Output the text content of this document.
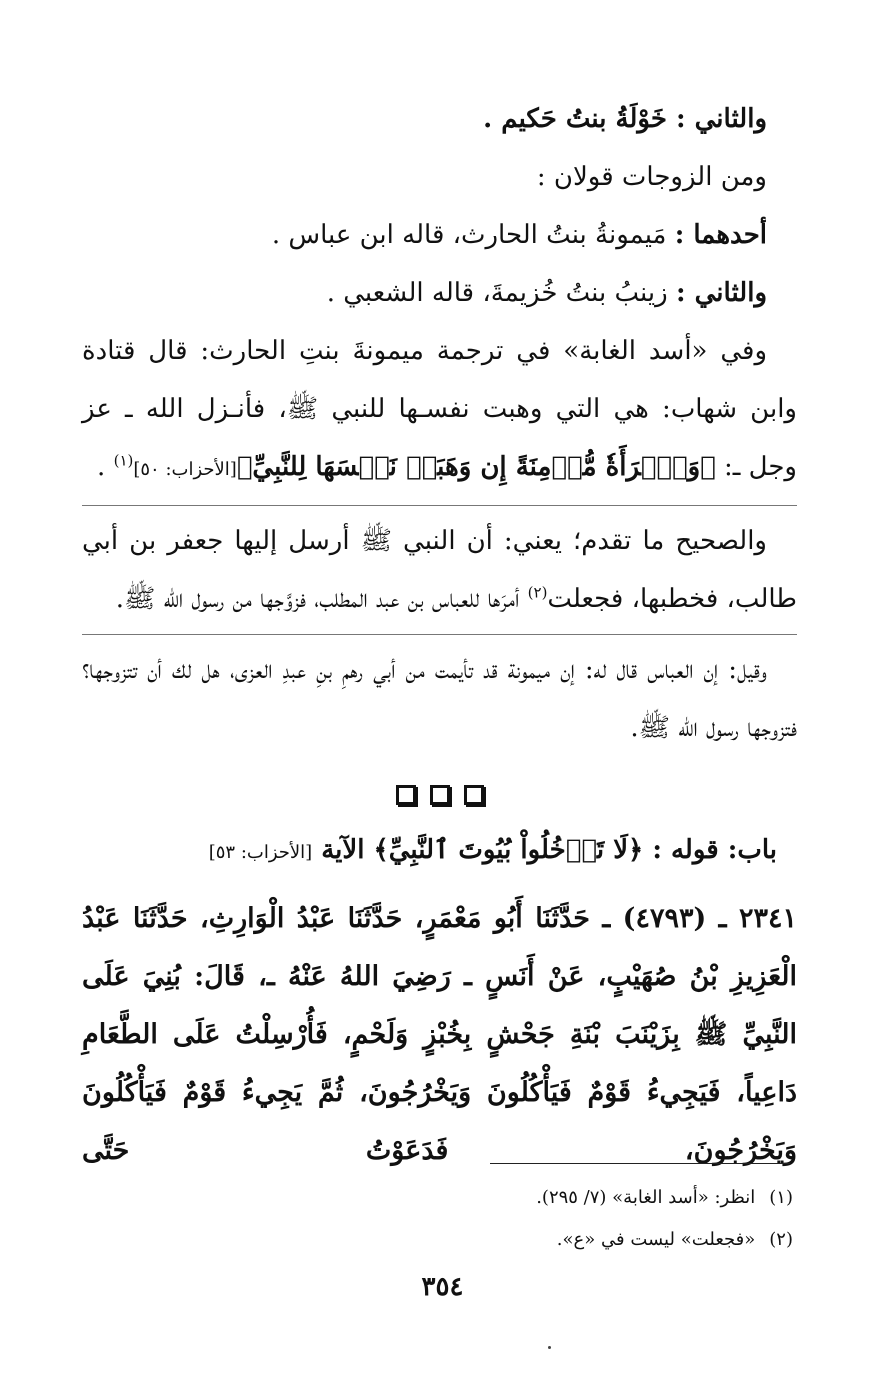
والثاني : خَوْلَةُ بنتُ حَكيم .

ومن الزوجات قولان :

أحدهما : مَيمونةُ بنتُ الحارث، قاله ابن عباس .

والثاني : زينبُ بنتُ خُزيمةَ، قاله الشعبي .

وفي «أسد الغابة» في ترجمة ميمونةَ بنتِ الحارث: قال قتادة وابن شهاب: هي التي وهبت نفسـها للنبي ﷺ، فأنـزل الله ـ عز وجل ـ: ﴿وَٱمۡرَأَةٗ مُّؤۡمِنَةً إِن وَهَبَتۡ نَفۡسَهَا لِلنَّبِيِّ﴾[الأحزاب: ٥٠]$^{(١)}$ .

والصحيح ما تقدم؛ يعني: أن النبي ﷺ أرسل إليها جعفر بن أبي طالب، فخطبها، فجعلت$^{(٢)}$ أمرَها للعباس بن عبد المطلب، فزوَّجها من رسول الله ﷺ.

وقيل: إن العباس قال له: إن ميمونة قد تأيمت من أبي رهمِ بنِ عبدِ العزى، هل لك أن تتزوجها؟ فتزوجها رسول الله ﷺ.

باب: قوله : ﴿لَا تَدۡخُلُواْ بُيُوتَ ٱلنَّبِيِّ﴾ الآية [الأحزاب: ٥٣]

٢٣٤١ ـ (٤٧٩٣) ـ حَدَّثَنَا أَبُو مَعْمَرٍ، حَدَّثَنَا عَبْدُ الْوَارِثِ، حَدَّثَنَا عَبْدُ الْعَزِيزِ بْنُ صُهَيْبٍ، عَنْ أَنَسٍ ـ رَضِيَ اللهُ عَنْهُ ـ، قَالَ: بُنِيَ عَلَى النَّبِيِّ ﷺ بِزَيْنَبَ بْنَةِ جَحْشٍ بِخُبْزٍ وَلَحْمٍ، فَأُرْسِلْتُ عَلَى الطَّعَامِ دَاعِياً، فَيَجِيءُ قَوْمٌ فَيَأْكُلُونَ وَيَخْرُجُونَ، ثُمَّ يَجِيءُ قَوْمٌ فَيَأْكُلُونَ وَيَخْرُجُونَ، فَدَعَوْتُ حَتَّى

(١)انظر: «أسد الغابة» (٧/ ٢٩٥).

(٢)«فجعلت» ليست في «ع».

٣٥٤
